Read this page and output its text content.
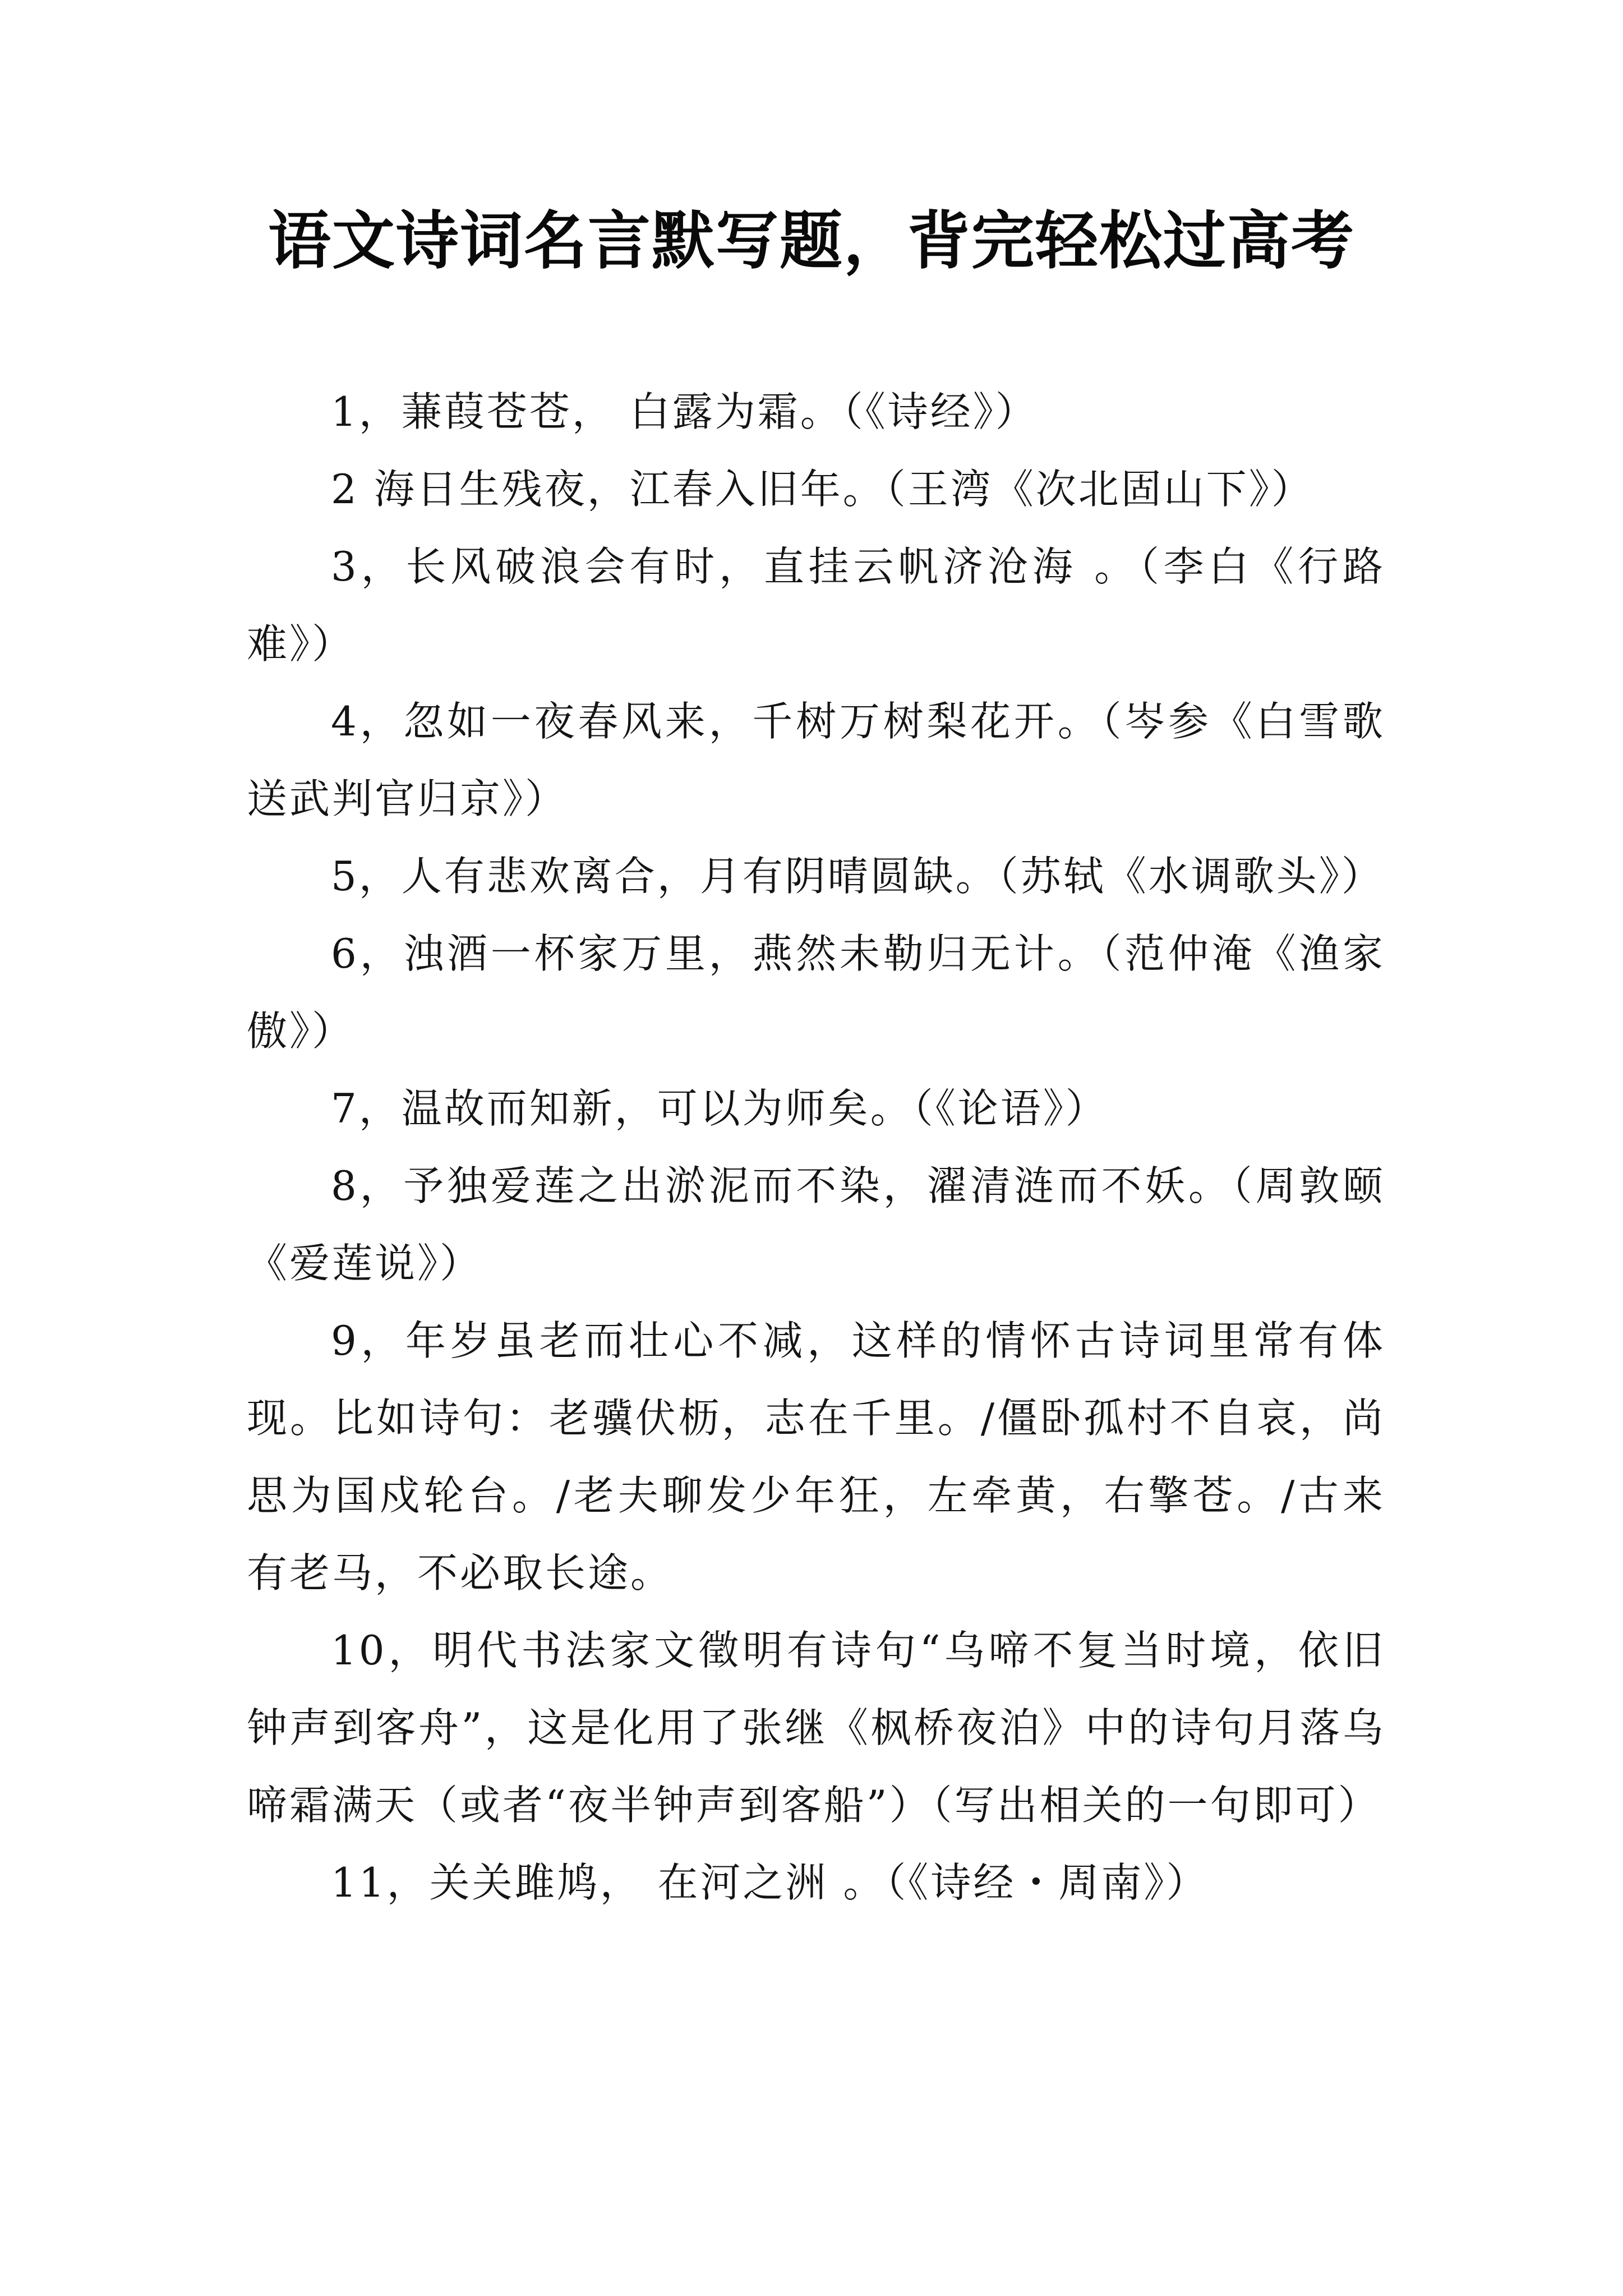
语文诗词名言默写题，背完轻松过高考

1，蒹葭苍苍， 白露为霜。（《诗经》）

2 海日生残夜，江春入旧年。（王湾《次北固山下》）

3，长风破浪会有时，直挂云帆济沧海 。（李白《行路难》）

4，忽如一夜春风来，千树万树梨花开。（岑参《白雪歌送武判官归京》）

5，人有悲欢离合，月有阴晴圆缺。（苏轼《水调歌头》）

6，浊酒一杯家万里，燕然未勒归无计。（范仲淹《渔家傲》）

7，温故而知新，可以为师矣。（《论语》）

8，予独爱莲之出淤泥而不染，濯清涟而不妖。（周敦颐《爱莲说》）

9，年岁虽老而壮心不减，这样的情怀古诗词里常有体现。比如诗句：老骥伏枥，志在千里。/僵卧孤村不自哀，尚思为国戍轮台。/老夫聊发少年狂，左牵黄，右擎苍。/古来有老马，不必取长途。

10，明代书法家文徵明有诗句“乌啼不复当时境，依旧钟声到客舟”，这是化用了张继《枫桥夜泊》中的诗句月落乌啼霜满天（或者“夜半钟声到客船”）（写出相关的一句即可）

11，关关雎鸠， 在河之洲 。（《诗经・周南》）
